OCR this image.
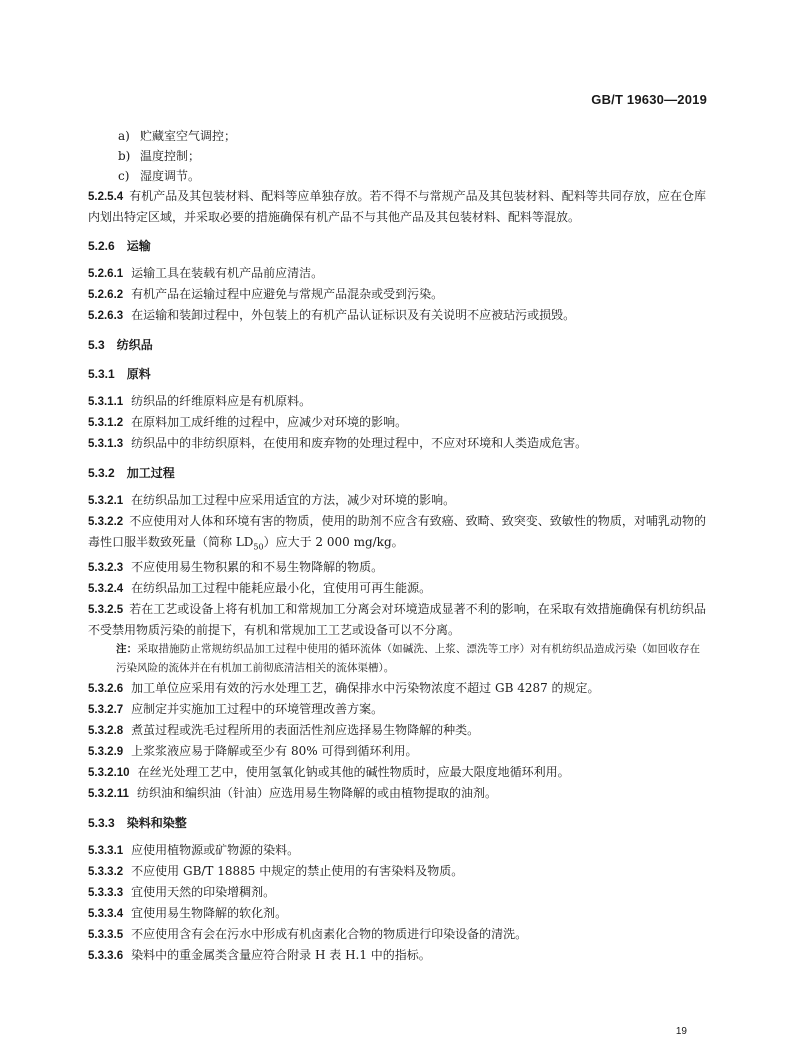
GB/T 19630—2019
a) 贮藏室空气调控；
b) 温度控制；
c) 湿度调节。
5.2.5.4 有机产品及其包装材料、配料等应单独存放。若不得不与常规产品及其包装材料、配料等共同存放，应在仓库内划出特定区域，并采取必要的措施确保有机产品不与其他产品及其包装材料、配料等混放。
5.2.6 运输
5.2.6.1 运输工具在装载有机产品前应清洁。
5.2.6.2 有机产品在运输过程中应避免与常规产品混杂或受到污染。
5.2.6.3 在运输和装卸过程中，外包装上的有机产品认证标识及有关说明不应被玷污或损毁。
5.3 纺织品
5.3.1 原料
5.3.1.1 纺织品的纤维原料应是有机原料。
5.3.1.2 在原料加工成纤维的过程中，应减少对环境的影响。
5.3.1.3 纺织品中的非纺织原料，在使用和废弃物的处理过程中，不应对环境和人类造成危害。
5.3.2 加工过程
5.3.2.1 在纺织品加工过程中应采用适宜的方法，减少对环境的影响。
5.3.2.2 不应使用对人体和环境有害的物质，使用的助剂不应含有致癌、致畸、致突变、致敏性的物质，对哺乳动物的毒性口服半数致死量（简称 $LD_{50}$）应大于 2 000 mg/kg。
5.3.2.3 不应使用易生物积累的和不易生物降解的物质。
5.3.2.4 在纺织品加工过程中能耗应最小化，宜使用可再生能源。
5.3.2.5 若在工艺或设备上将有机加工和常规加工分离会对环境造成显著不利的影响，在采取有效措施确保有机纺织品不受禁用物质污染的前提下，有机和常规加工工艺或设备可以不分离。
注：采取措施防止常规纺织品加工过程中使用的循环流体（如碱洗、上浆、漂洗等工序）对有机纺织品造成污染（如回收存在污染风险的流体并在有机加工前彻底清洁相关的流体渠槽）。
5.3.2.6 加工单位应采用有效的污水处理工艺，确保排水中污染物浓度不超过 GB 4287 的规定。
5.3.2.7 应制定并实施加工过程中的环境管理改善方案。
5.3.2.8 煮茧过程或洗毛过程所用的表面活性剂应选择易生物降解的种类。
5.3.2.9 上浆浆液应易于降解或至少有 80% 可得到循环利用。
5.3.2.10 在丝光处理工艺中，使用氢氧化钠或其他的碱性物质时，应最大限度地循环利用。
5.3.2.11 纺织油和编织油（针油）应选用易生物降解的或由植物提取的油剂。
5.3.3 染料和染整
5.3.3.1 应使用植物源或矿物源的染料。
5.3.3.2 不应使用 GB/T 18885 中规定的禁止使用的有害染料及物质。
5.3.3.3 宜使用天然的印染增稠剂。
5.3.3.4 宜使用易生物降解的软化剂。
5.3.3.5 不应使用含有会在污水中形成有机卤素化合物的物质进行印染设备的清洗。
5.3.3.6 染料中的重金属类含量应符合附录 H 表 H.1 中的指标。
19
